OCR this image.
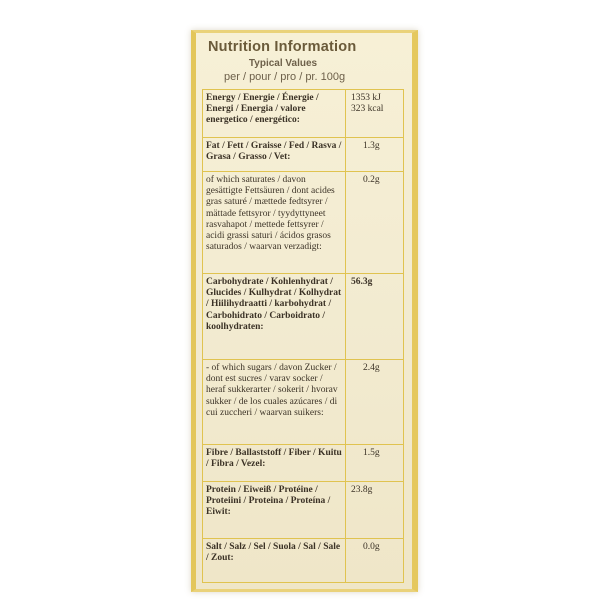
Nutrition Information
Typical Values
per / pour / pro / pr. 100g
Energy / Energie / Énergie / Energi / Energia / valore energetico / energético:
1353 kJ
323 kcal
Fat / Fett / Graisse / Fed / Rasva / Grasa / Grasso / Vet:
1.3g
of which saturates / davon gesättigte Fettsäuren / dont acides gras saturé / mættede fedtsyrer / mättade fettsyror / tyydyttyneet rasvahapot / mettede fettsyrer / acidi grassi saturi / ácidos grasos saturados / waarvan verzadigt:
0.2g
Carbohydrate / Kohlenhydrat / Glucides / Kulhydrat / Kolhydrat / Hiilihydraatti / karbohydrat / Carbohidrato / Carboidrato / koolhydraten:
56.3g
- of which sugars / davon Zucker / dont est sucres / varav socker / heraf sukkerarter / sokerit / hvorav sukker / de los cuales azúcares / di cui zuccheri / waarvan suikers:
2.4g
Fibre / Ballaststoff / Fiber / Kuitu / Fibra / Vezel:
1.5g
Protein / Eiweiß / Protéine / Proteiini / Proteina / Proteína / Eiwit:
23.8g
Salt / Salz / Sel / Suola / Sal / Sale / Zout:
0.0g
